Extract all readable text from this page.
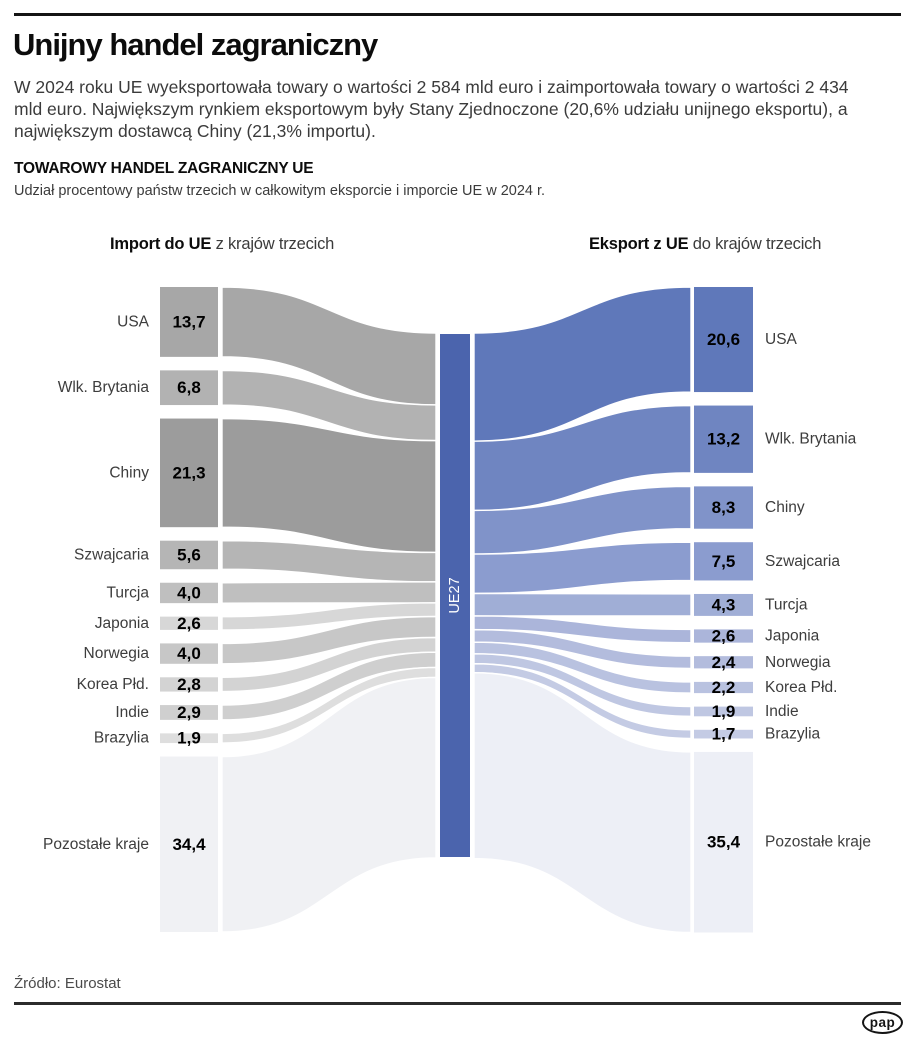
Unijny handel zagraniczny

W 2024 roku UE wyeksportowała towary o wartości 2 584 mld euro i zaimportowała towary o wartości 2 434 mld euro. Największym rynkiem eksportowym były Stany Zjednoczone (20,6% udziału unijnego eksportu), a największym dostawcą Chiny (21,3% importu).

TOWAROWY HANDEL ZAGRANICZNY UE
Udział procentowy państw trzecich w całkowitym eksporcie i imporcie UE w 2024 r.
Import do UE z krajów trzecich	Eksport z UE do krajów trzecich
USA 13,7
Wlk. Brytania 6,8
Chiny 21,3
Szwajcaria 5,6
Turcja 4,0
Japonia 2,6
Norwegia 4,0
Korea Płd. 2,8
Indie 2,9
Brazylia 1,9
Pozostałe kraje 34,4
20,6 USA
13,2 Wlk. Brytania
8,3 Chiny
7,5 Szwajcaria
4,3 Turcja
2,6 Japonia
2,4 Norwegia
2,2 Korea Płd.
1,9 Indie
1,7 Brazylia
35,4 Pozostałe kraje
UE27
Źródło: Eurostat
pap
